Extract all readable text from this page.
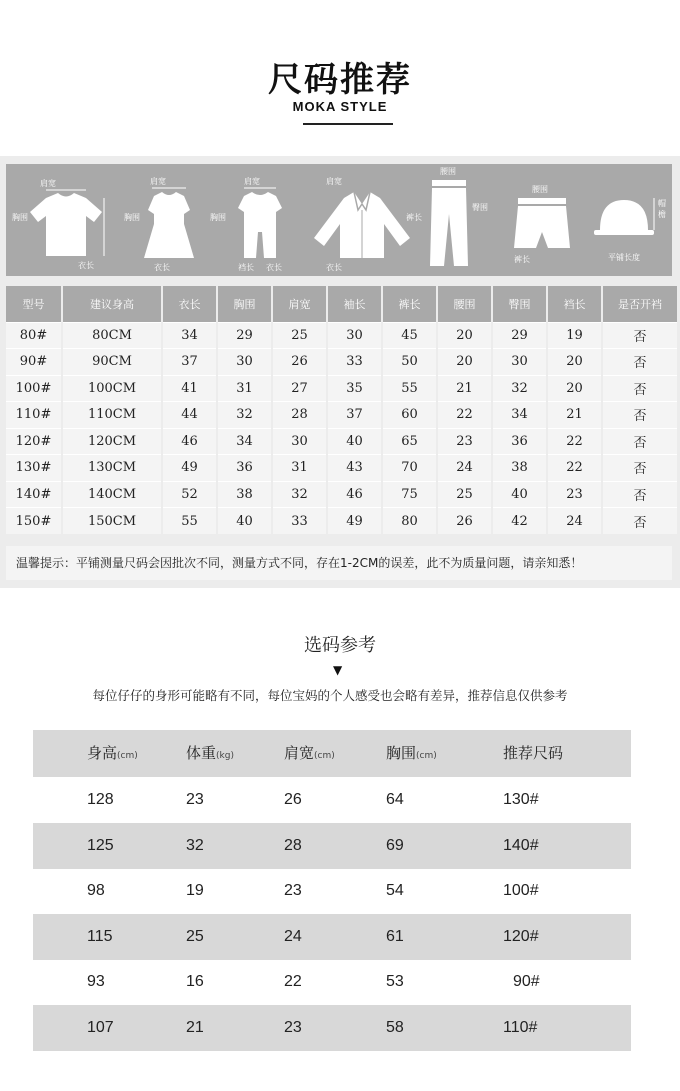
尺码推荐
MOKA STYLE
肩宽
胸围
衣长
肩宽
胸围
衣长
肩宽
胸围
裆长 衣长
肩宽
衣长
腰围
臀围
裤长
腰围
裤长
帽檐
平铺长度
型号	建议身高	衣长	胸围	肩宽	袖长	裤长	腰围	臀围	裆长	是否开裆
80#	80CM	34	29	25	30	45	20	29	19	否
90#	90CM	37	30	26	33	50	20	30	20	否
100#	100CM	41	31	27	35	55	21	32	20	否
110#	110CM	44	32	28	37	60	22	34	21	否
120#	120CM	46	34	30	40	65	23	36	22	否
130#	130CM	49	36	31	43	70	24	38	22	否
140#	140CM	52	38	32	46	75	25	40	23	否
150#	150CM	55	40	33	49	80	26	42	24	否
温馨提示：平铺测量尺码会因批次不同，测量方式不同，存在1-2CM的误差，此不为质量问题，请亲知悉！
选码参考
▼
每位仔仔的身形可能略有不同，每位宝妈的个人感受也会略有差异，推荐信息仅供参考
身高(cm)	体重(kg)	肩宽(cm)	胸围(cm)	推荐尺码
128	23	26	64	130#
125	32	28	69	140#
98	19	23	54	100#
115	25	24	61	120#
93	16	22	53	90#
107	21	23	58	110#
